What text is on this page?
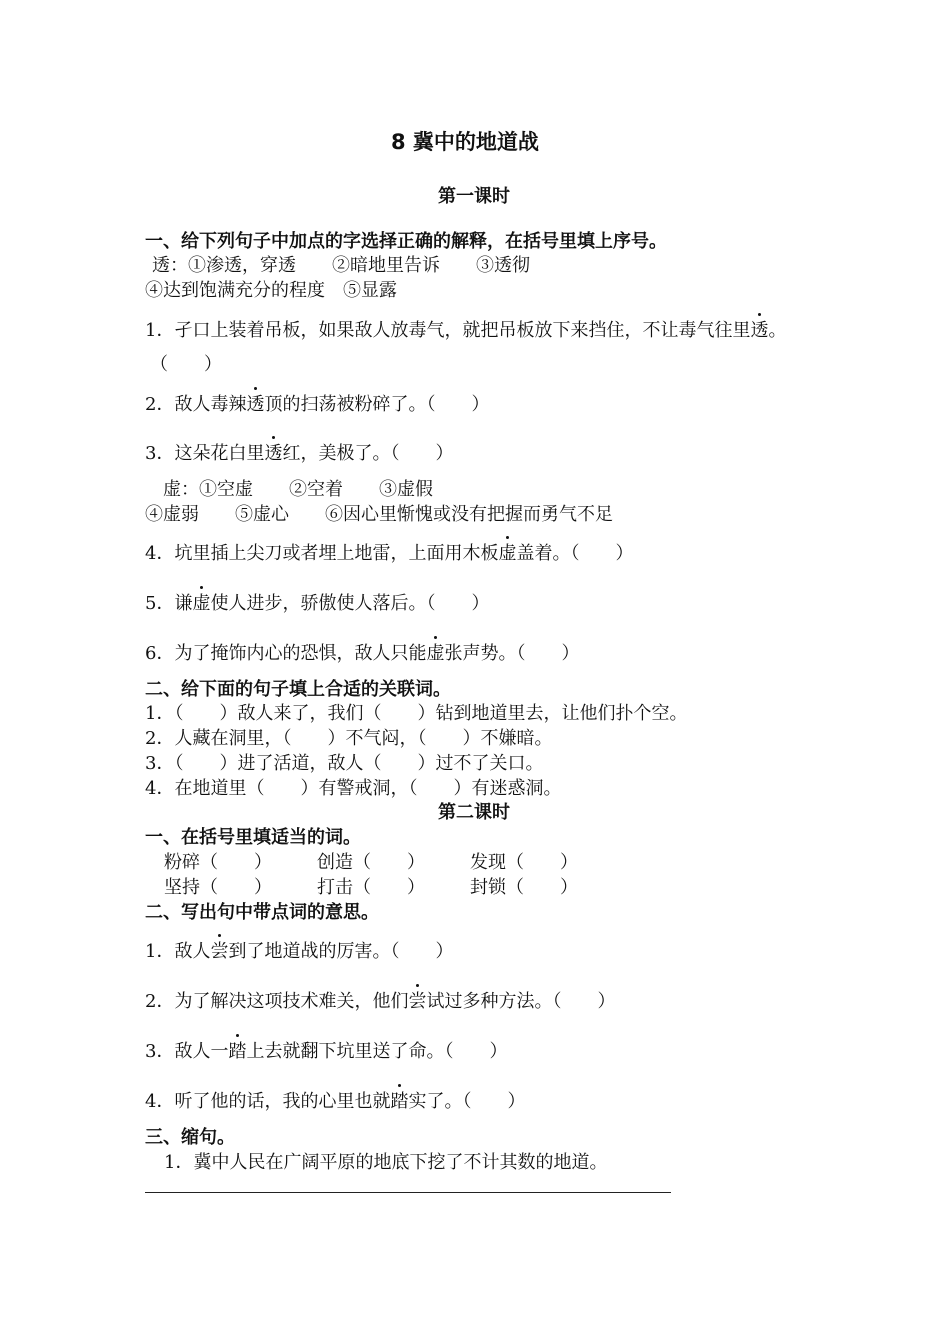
8 冀中的地道战
第一课时
一、给下列句子中加点的字选择正确的解释，在括号里填上序号。
透：①渗透，穿透　　②暗地里告诉　　③透彻
④达到饱满充分的程度　⑤显露
1．孑口上装着吊板，如果敌人放毒气，就把吊板放下来挡住，不让毒气往里透。
（　　）
2．敌人毒辣透顶的扫荡被粉碎了。（　　）
3．这朵花白里透红，美极了。（　　）
虚：①空虚　　②空着　　③虚假
④虚弱　　⑤虚心　　⑥因心里惭愧或没有把握而勇气不足
4．坑里插上尖刀或者埋上地雷，上面用木板虚盖着。（　　）
5．谦虚使人进步，骄傲使人落后。（　　）
6．为了掩饰内心的恐惧，敌人只能虚张声势。（　　）
二、给下面的句子填上合适的关联词。
1．（　　）敌人来了，我们（　　）钻到地道里去，让他们扑个空。
2．人藏在洞里，（　　）不气闷，（　　）不嫌暗。
3．（　　）进了活道，敌人（　　）过不了关口。
4．在地道里（　　）有警戒洞，（　　）有迷惑洞。
第二课时
一、在括号里填适当的词。
粉碎（　　）	创造（　　）	发现（　　）
坚持（　　）	打击（　　）	封锁（　　）
二、写出句中带点词的意思。
1．敌人尝到了地道战的厉害。（　　）
2．为了解决这项技术难关，他们尝试过多种方法。（　　）
3．敌人一踏上去就翻下坑里送了命。（　　）
4．听了他的话，我的心里也就踏实了。（　　）
三、缩句。
1．冀中人民在广阔平原的地底下挖了不计其数的地道。
